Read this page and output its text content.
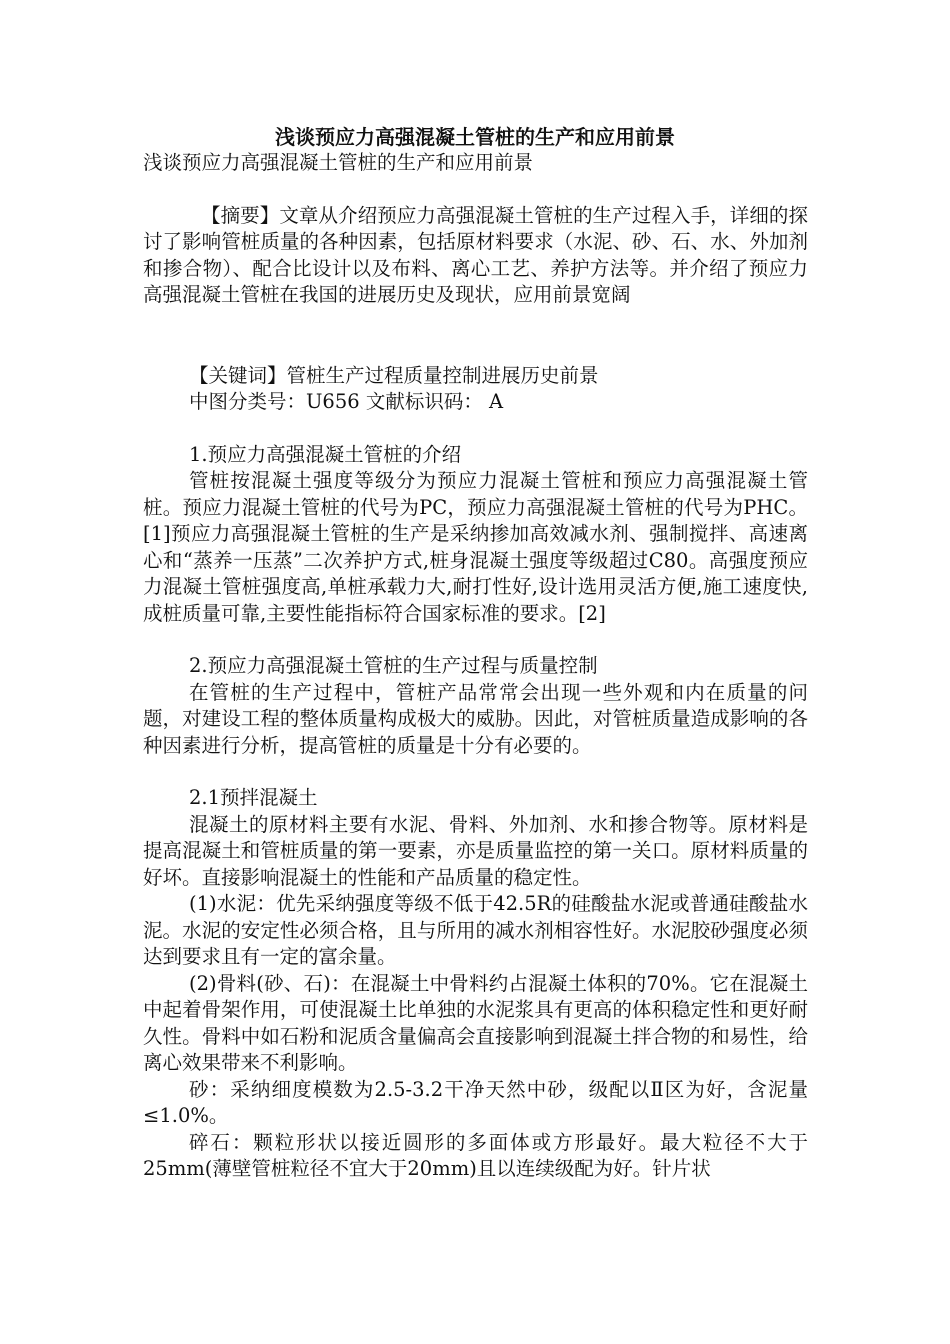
浅谈预应力高强混凝土管桩的生产和应用前景

浅谈预应力高强混凝土管桩的生产和应用前景

【摘要】文章从介绍预应力高强混凝土管桩的生产过程入手，详细的探讨了影响管桩质量的各种因素，包括原材料要求（水泥、砂、石、水、外加剂和掺合物）、配合比设计以及布料、离心工艺、养护方法等。并介绍了预应力高强混凝土管桩在我国的进展历史及现状，应用前景宽阔

【关键词】管桩生产过程质量控制进展历史前景

中图分类号：U656 文献标识码： A

1.预应力高强混凝土管桩的介绍

管桩按混凝土强度等级分为预应力混凝土管桩和预应力高强混凝土管桩。预应力混凝土管桩的代号为PC，预应力高强混凝土管桩的代号为PHC。[1]预应力高强混凝土管桩的生产是采纳掺加高效减水剂、强制搅拌、高速离心和“蒸养一压蒸”二次养护方式,桩身混凝土强度等级超过C80。高强度预应力混凝土管桩强度高,单桩承载力大,耐打性好,设计选用灵活方便,施工速度快,成桩质量可靠,主要性能指标符合国家标准的要求。[2]

2.预应力高强混凝土管桩的生产过程与质量控制

在管桩的生产过程中，管桩产品常常会出现一些外观和内在质量的问题，对建设工程的整体质量构成极大的威胁。因此，对管桩质量造成影响的各种因素进行分析，提高管桩的质量是十分有必要的。

2.1预拌混凝土

混凝土的原材料主要有水泥、骨料、外加剂、水和掺合物等。原材料是提高混凝土和管桩质量的第一要素，亦是质量监控的第一关口。原材料质量的好坏。直接影响混凝土的性能和产品质量的稳定性。

(1)水泥：优先采纳强度等级不低于42.5R的硅酸盐水泥或普通硅酸盐水泥。水泥的安定性必须合格，且与所用的减水剂相容性好。水泥胶砂强度必须达到要求且有一定的富余量。

(2)骨料(砂、石)：在混凝土中骨料约占混凝土体积的70%。它在混凝土中起着骨架作用，可使混凝土比单独的水泥浆具有更高的体积稳定性和更好耐久性。骨料中如石粉和泥质含量偏高会直接影响到混凝土拌合物的和易性，给离心效果带来不利影响。

砂：采纳细度模数为2.5-3.2干净天然中砂，级配以Ⅱ区为好，含泥量≤1.0%。

碎石：颗粒形状以接近圆形的多面体或方形最好。最大粒径不大于25mm(薄壁管桩粒径不宜大于20mm)且以连续级配为好。针片状
